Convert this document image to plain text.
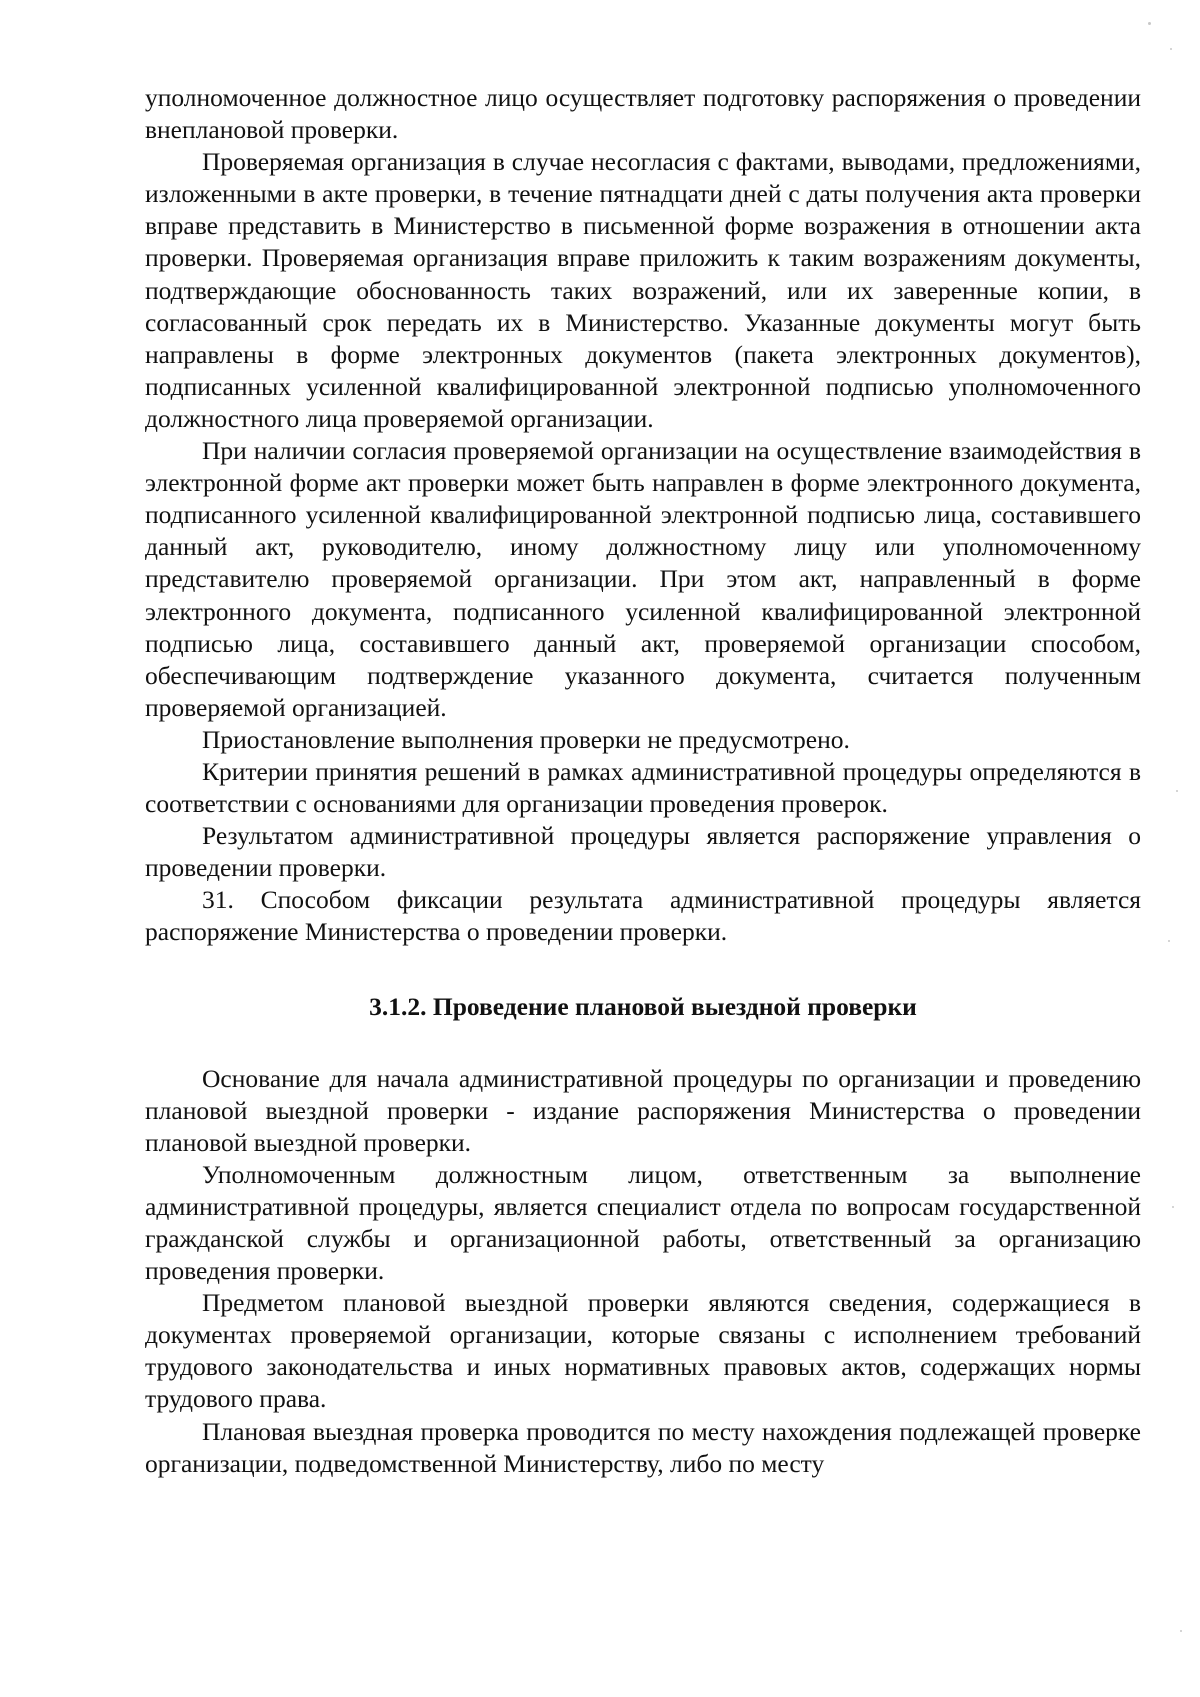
уполномоченное должностное лицо осуществляет подготовку распоряжения о проведении внеплановой проверки.

Проверяемая организация в случае несогласия с фактами, выводами, предложениями, изложенными в акте проверки, в течение пятнадцати дней с даты получения акта проверки вправе представить в Министерство в письменной форме возражения в отношении акта проверки. Проверяемая организация вправе приложить к таким возражениям документы, подтверждающие обоснованность таких возражений, или их заверенные копии, в согласованный срок передать их в Министерство. Указанные документы могут быть направлены в форме электронных документов (пакета электронных документов), подписанных усиленной квалифицированной электронной подписью уполномоченного должностного лица проверяемой организации.

При наличии согласия проверяемой организации на осуществление взаимодействия в электронной форме акт проверки может быть направлен в форме электронного документа, подписанного усиленной квалифицированной электронной подписью лица, составившего данный акт, руководителю, иному должностному лицу или уполномоченному представителю проверяемой организации. При этом акт, направленный в форме электронного документа, подписанного усиленной квалифицированной электронной подписью лица, составившего данный акт, проверяемой организации способом, обеспечивающим подтверждение указанного документа, считается полученным проверяемой организацией.

Приостановление выполнения проверки не предусмотрено.

Критерии принятия решений в рамках административной процедуры определяются в соответствии с основаниями для организации проведения проверок.

Результатом административной процедуры является распоряжение управления о проведении проверки.

31. Способом фиксации результата административной процедуры является распоряжение Министерства о проведении проверки.

3.1.2. Проведение плановой выездной проверки

Основание для начала административной процедуры по организации и проведению плановой выездной проверки - издание распоряжения Министерства о проведении плановой выездной проверки.

Уполномоченным должностным лицом, ответственным за выполнение административной процедуры, является специалист отдела по вопросам государственной гражданской службы и организационной работы, ответственный за организацию проведения проверки.

Предметом плановой выездной проверки являются сведения, содержащиеся в документах проверяемой организации, которые связаны с исполнением требований трудового законодательства и иных нормативных правовых актов, содержащих нормы трудового права.

Плановая выездная проверка проводится по месту нахождения подлежащей проверке организации, подведомственной Министерству, либо по месту
